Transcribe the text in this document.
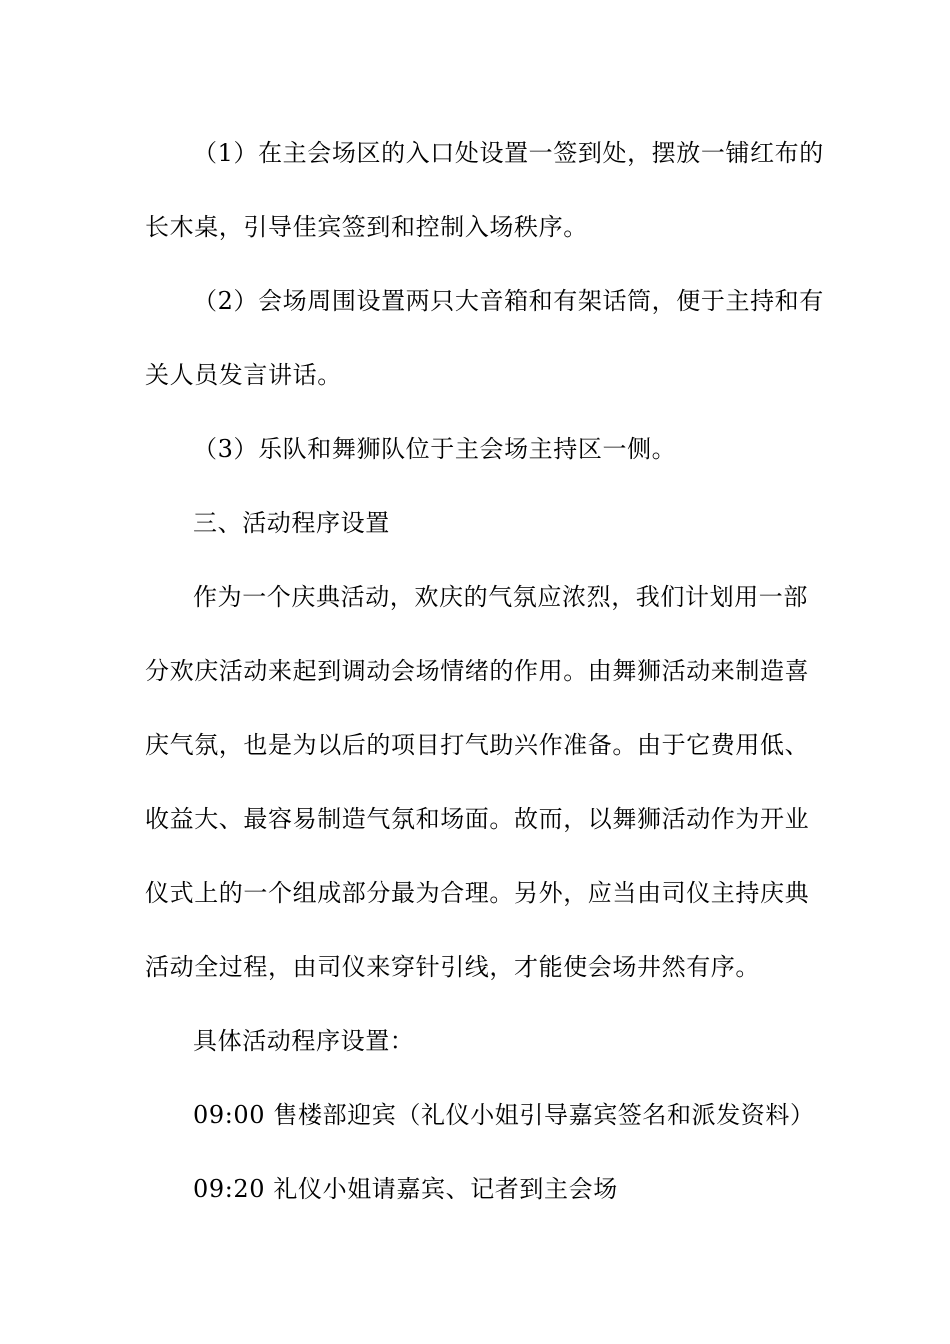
（1）在主会场区的入口处设置一签到处，摆放一铺红布的
长木桌，引导佳宾签到和控制入场秩序。
（2）会场周围设置两只大音箱和有架话筒，便于主持和有
关人员发言讲话。
（3）乐队和舞狮队位于主会场主持区一侧。
三、活动程序设置
作为一个庆典活动，欢庆的气氛应浓烈，我们计划用一部
分欢庆活动来起到调动会场情绪的作用。由舞狮活动来制造喜
庆气氛，也是为以后的项目打气助兴作准备。由于它费用低、
收益大、最容易制造气氛和场面。故而，以舞狮活动作为开业
仪式上的一个组成部分最为合理。另外，应当由司仪主持庆典
活动全过程，由司仪来穿针引线，才能使会场井然有序。
具体活动程序设置：
09:00 售楼部迎宾（礼仪小姐引导嘉宾签名和派发资料）
09:20 礼仪小姐请嘉宾、记者到主会场
